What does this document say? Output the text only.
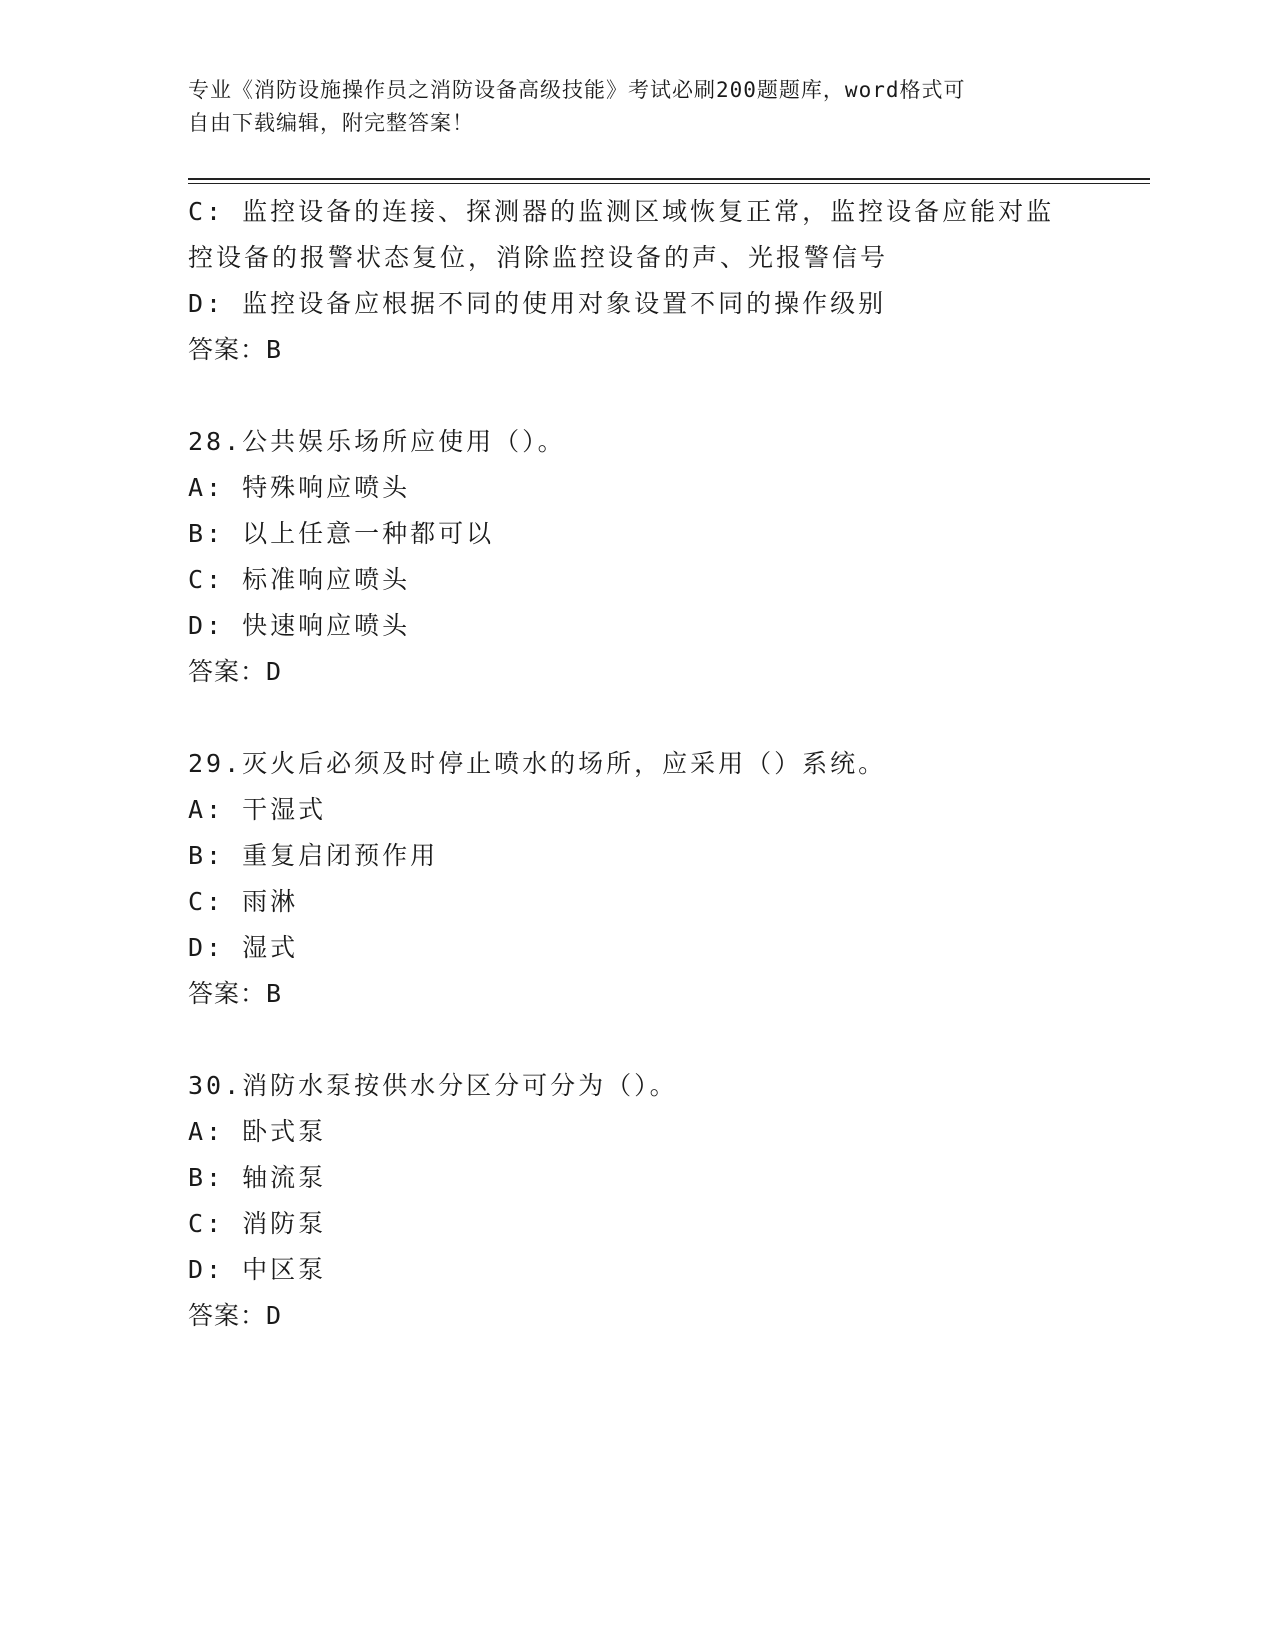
专业《消防设施操作员之消防设备高级技能》考试必刷200题题库，word格式可
自由下载编辑，附完整答案！
C: 监控设备的连接、探测器的监测区域恢复正常，监控设备应能对监
控设备的报警状态复位，消除监控设备的声、光报警信号
D: 监控设备应根据不同的使用对象设置不同的操作级别
答案：B
28.公共娱乐场所应使用（）。
A: 特殊响应喷头
B: 以上任意一种都可以
C: 标准响应喷头
D: 快速响应喷头
答案：D
29.灭火后必须及时停止喷水的场所，应采用（）系统。
A: 干湿式
B: 重复启闭预作用
C: 雨淋
D: 湿式
答案：B
30.消防水泵按供水分区分可分为（）。
A: 卧式泵
B: 轴流泵
C: 消防泵
D: 中区泵
答案：D
